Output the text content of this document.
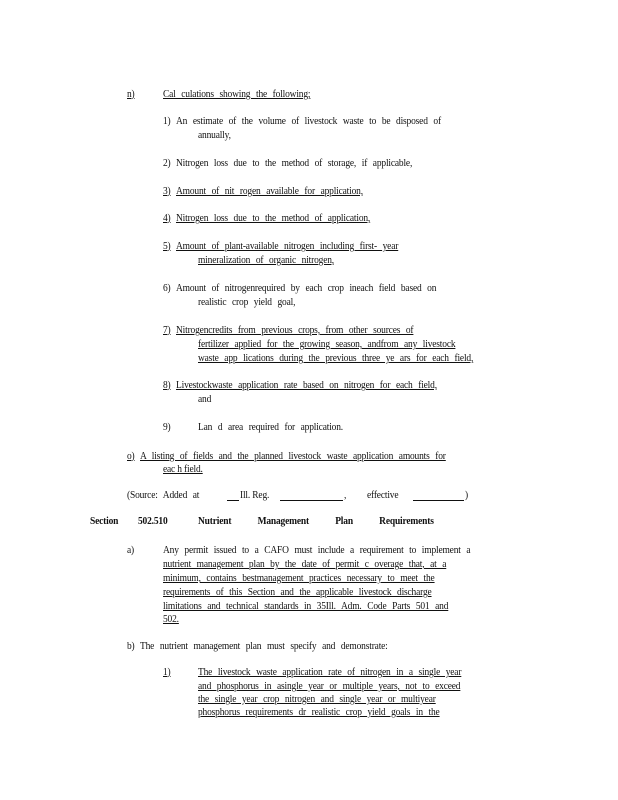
n)	Cal culations showing the following;
1) An estimate of the volume of livestock waste to be disposed of
annually,
2) Nitrogen loss due to the method of storage, if applicable,
3) Amount of nit rogen available for application,
4) Nitrogen loss due to the method of application,
5) Amount of plant-available nitrogen including first- year
mineralization of organic nitrogen,
6) Amount of nitrogenrequired by each crop ineach field based on
realistic crop yield goal,
7) Nitrogencredits from previous crops, from other sources of
fertilizer applied for the growing season, andfrom any livestock
waste app lications during the previous three ye ars for each field,
8) Livestockwaste application rate based on nitrogen for each field,
and
9) Lan d area required for application.
o) A listing of fields and the planned livestock waste application amounts for
eac h field.
(Source: Added at	Ill. Reg.	, effective	)
Section 502.510	Nutrient Management Plan Requirements
a)	Any permit issued to a CAFO must include a requirement to implement a
nutrient management plan by the date of permit c overage that, at a
minimum, contains bestmanagement practices necessary to meet the
requirements of this Section and the applicable livestock discharge
limitations and technical standards in 35Ill. Adm. Code Parts 501 and
502.
b) The nutrient management plan must specify and demonstrate:
1) The livestock waste application rate of nitrogen in a single year
and phosphorus in asingle year or multiple years, not to exceed
the single year crop nitrogen and single year or multiyear
phosphorus requirements dr realistic crop yield goals in the
